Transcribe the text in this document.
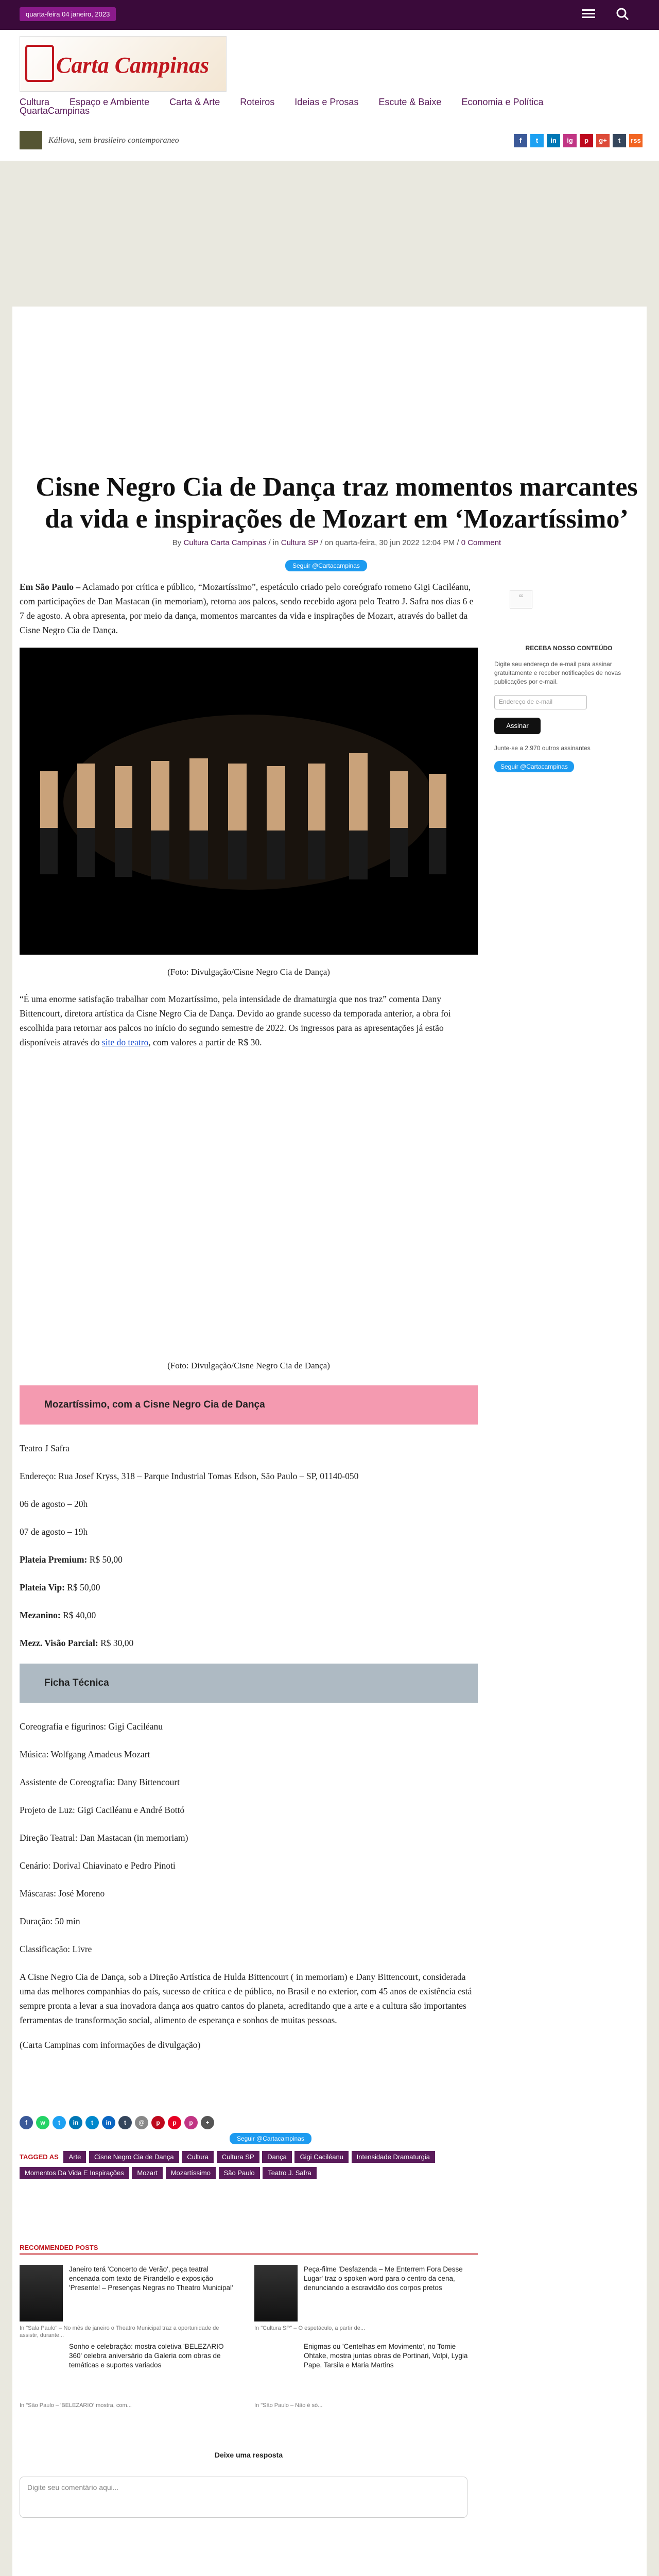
quarta-feira 04 janeiro, 2023
Carta Campinas
Cultura Espaço e Ambiente Carta & Arte Roteiros Ideias e Prosas Escute & Baixe Economia e Política
QuartaCampinas
Kállova, sem brasileiro contemporaneo	f	t	in	ig	p	g+	t	rss
Cisne Negro Cia de Dança traz momentos marcantes da vida e inspirações de Mozart em ‘Mozartíssimo’
By Cultura Carta Campinas / in Cultura SP / on quarta-feira, 30 jun 2022 12:04 PM / 0 Comment
Seguir @Cartacampinas

Em São Paulo – Aclamado por crítica e público, “Mozartíssimo”, espetáculo criado pelo coreógrafo romeno Gigi Caciléanu, com participações de Dan Mastacan (in memoriam), retorna aos palcos, sendo recebido agora pelo Teatro J. Safra nos dias 6 e 7 de agosto. A obra apresenta, por meio da dança, momentos marcantes da vida e inspirações de Mozart, através do ballet da Cisne Negro Cia de Dança.

(Foto: Divulgação/Cisne Negro Cia de Dança)

“É uma enorme satisfação trabalhar com Mozartíssimo, pela intensidade de dramaturgia que nos traz” comenta Dany Bittencourt, diretora artística da Cisne Negro Cia de Dança. Devido ao grande sucesso da temporada anterior, a obra foi escolhida para retornar aos palcos no início do segundo semestre de 2022. Os ingressos para as apresentações já estão disponíveis através do site do teatro, com valores a partir de R$ 30.

(Foto: Divulgação/Cisne Negro Cia de Dança)
Mozartíssimo, com a Cisne Negro Cia de Dança
Teatro J Safra
Endereço: Rua Josef Kryss, 318 – Parque Industrial Tomas Edson, São Paulo – SP, 01140-050
06 de agosto – 20h
07 de agosto – 19h
Plateia Premium: R$ 50,00
Plateia Vip: R$ 50,00
Mezanino: R$ 40,00
Mezz. Visão Parcial: R$ 30,00
Ficha Técnica
Coreografia e figurinos: Gigi Caciléanu
Música: Wolfgang Amadeus Mozart
Assistente de Coreografia: Dany Bittencourt
Projeto de Luz: Gigi Caciléanu e André Bottó
Direção Teatral: Dan Mastacan (in memoriam)
Cenário: Dorival Chiavinato e Pedro Pinoti
Máscaras: José Moreno
Duração: 50 min
Classificação: Livre

A Cisne Negro Cia de Dança, sob a Direção Artística de Hulda Bittencourt ( in memoriam) e Dany Bittencourt, considerada uma das melhores companhias do país, sucesso de crítica e de público, no Brasil e no exterior, com 45 anos de existência está sempre pronta a levar a sua inovadora dança aos quatro cantos do planeta, acreditando que a arte e a cultura são importantes ferramentas de transformação social, alimento de esperança e sonhos de muitas pessoas.

(Carta Campinas com informações de divulgação)

“
RECEBA NOSSO CONTEÚDO
Digite seu endereço de e-mail para assinar gratuitamente e receber notificações de novas publicações por e-mail.
Endereço de e-mail
Assinar
Junte-se a 2.970 outros assinantes
Seguir @Cartacampinas
f	w	t	in	t	in	t	@	p	p	p	+
Seguir @Cartacampinas
TAGGED AS Arte Cisne Negro Cia de Dança Cultura Cultura SP Dança Gigi Caciléanu Intensidade Dramaturgia Momentos Da Vida E Inspirações Mozart Mozartíssimo São Paulo Teatro J. Safra
RECOMMENDED POSTS
Janeiro terá 'Concerto de Verão', peça teatral encenada com texto de Pirandello e exposição 'Presente! – Presenças Negras no Theatro Municipal'
In "Sala Paulo" – No mês de janeiro o Theatro Municipal traz a oportunidade de assistir, durante...
Peça-filme 'Desfazenda – Me Enterrem Fora Desse Lugar' traz o spoken word para o centro da cena, denunciando a escravidão dos corpos pretos
In "Cultura SP" – O espetáculo, a partir de...
Sonho e celebração: mostra coletiva 'BELEZARIO 360' celebra aniversário da Galeria com obras de temáticas e suportes variados
In "São Paulo – 'BELEZARIO' mostra, com...
Enigmas ou 'Centelhas em Movimento', no Tomie Ohtake, mostra juntas obras de Portinari, Volpi, Lygia Pape, Tarsila e Maria Martins
In "São Paulo – Não é só...
Deixe uma resposta
Digite seu comentário aqui...
